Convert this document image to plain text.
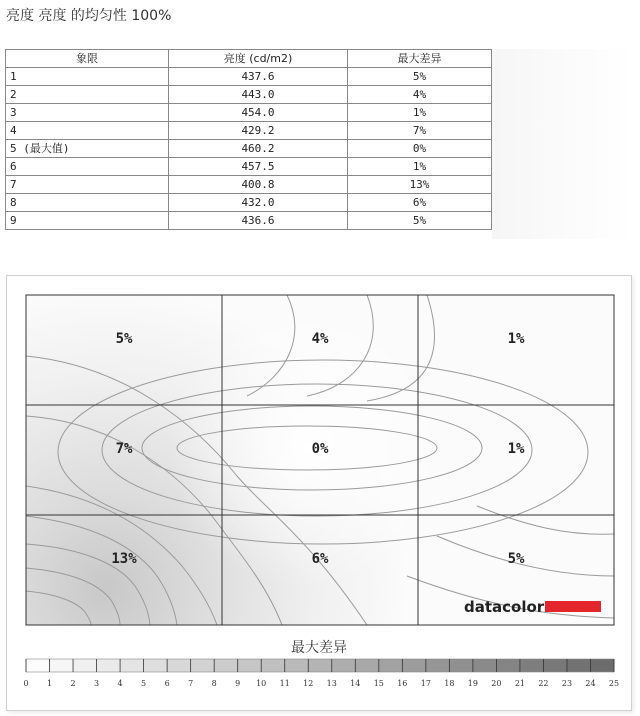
亮度 亮度 的均匀性 100%
象限	亮度 (cd/m2)	最大差异
1	437.6	5%
2	443.0	4%
3	454.0	1%
4	429.2	7%
5 (最大值)	460.2	0%
6	457.5	1%
7	400.8	13%
8	432.0	6%
9	436.6	5%
5%	4%	1%
7%	0%	1%
13%	6%	5%
datacolor
最大差异
0 1 2 3 4 5 6 7 8 9 10 11 12 13 14 15 16 17 18 19 20 21 22 23 24 25
